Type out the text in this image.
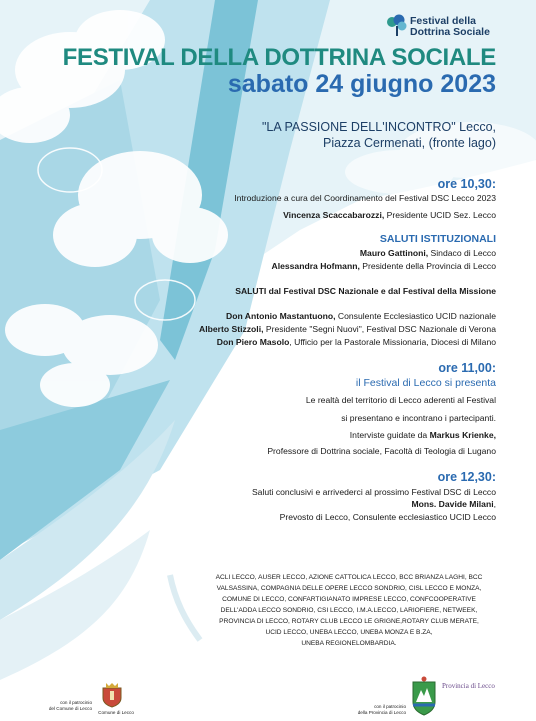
Festival della
Dottrina Sociale
FESTIVAL DELLA DOTTRINA SOCIALE
sabato 24 giugno 2023
"LA PASSIONE DELL'INCONTRO" Lecco,
Piazza Cermenati, (fronte lago)
ore 10,30:
Introduzione a cura del Coordinamento del Festival DSC Lecco 2023
Vincenza Scaccabarozzi, Presidente UCID Sez. Lecco
SALUTI ISTITUZIONALI
Mauro Gattinoni, Sindaco di Lecco
Alessandra Hofmann, Presidente della Provincia di Lecco
SALUTI dal Festival DSC Nazionale e dal Festival della Missione
Don Antonio Mastantuono, Consulente Ecclesiastico UCID nazionale
Alberto Stizzoli, Presidente "Segni Nuovi", Festival DSC Nazionale di Verona
Don Piero Masolo, Ufficio per la Pastorale Missionaria, Diocesi di Milano
ore 11,00:
il Festival di Lecco si presenta
Le realtà del territorio di Lecco aderenti al Festival
si presentano e incontrano i partecipanti.
Interviste guidate da Markus Krienke,
Professore di Dottrina sociale, Facoltà di Teologia di Lugano
ore 12,30:
Saluti conclusivi e arrivederci al prossimo Festival DSC di Lecco
Mons. Davide Milani,
Prevosto di Lecco, Consulente ecclesiastico UCID Lecco
ACLI LECCO, AUSER LECCO, AZIONE CATTOLICA LECCO, BCC BRIANZA LAGHI, BCC
VALSASSINA, COMPAGNIA DELLE OPERE LECCO SONDRIO, CISL LECCO E MONZA,
COMUNE DI LECCO, CONFARTIGIANATO IMPRESE LECCO, CONFCOOPERATIVE
DELL'ADDA LECCO SONDRIO, CSI LECCO, I.M.A.LECCO, LARIOFIERE, NETWEEK,
PROVINCIA DI LECCO, ROTARY CLUB LECCO LE GRIGNE,ROTARY CLUB MERATE,
UCID LECCO, UNEBA LECCO, UNEBA MONZA E B.ZA,
UNEBA REGIONELOMBARDIA.
con il patrocinio
del Comune di Lecco
Comune di Lecco
con il patrocinio
della Provincia di Lecco
Provincia di Lecco
